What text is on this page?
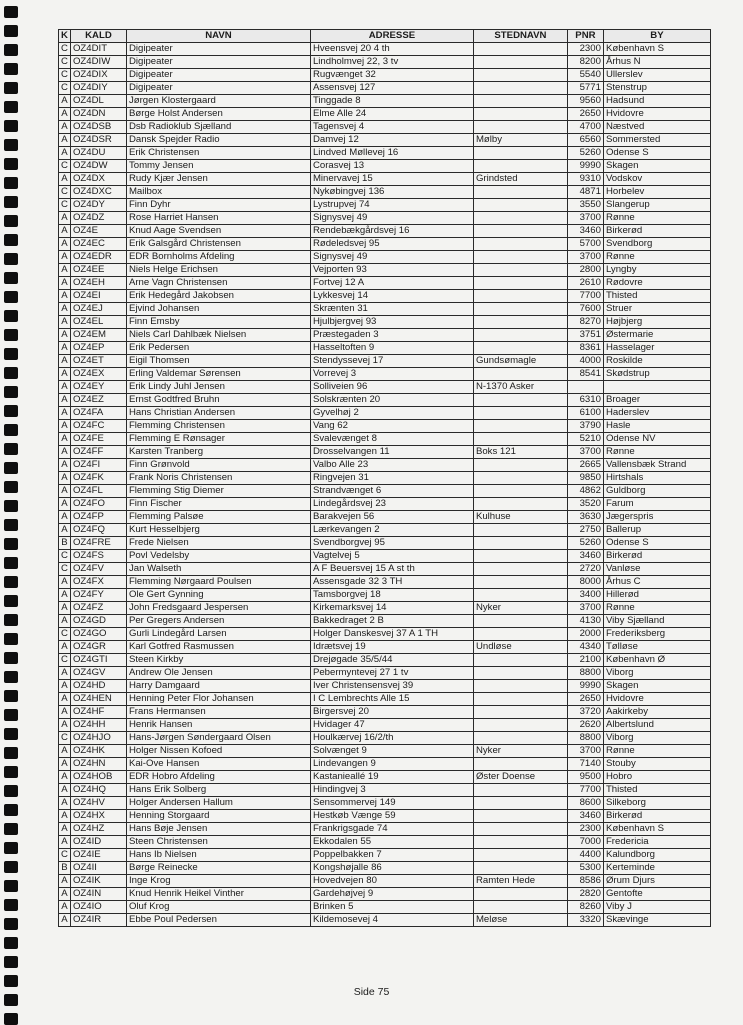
K	KALD	NAVN	ADRESSE	STEDNAVN	PNR	BY
C	OZ4DIT	Digipeater	Hveensvej 20 4 th		2300	København S
C	OZ4DIW	Digipeater	Lindholmvej 22, 3 tv		8200	Århus N
C	OZ4DIX	Digipeater	Rugvænget 32		5540	Ullerslev
C	OZ4DIY	Digipeater	Assensvej 127		5771	Stenstrup
A	OZ4DL	Jørgen Klostergaard	Tinggade 8		9560	Hadsund
A	OZ4DN	Børge Holst Andersen	Elme Alle 24		2650	Hvidovre
A	OZ4DSB	Dsb Radioklub Sjælland	Tagensvej 4		4700	Næstved
A	OZ4DSR	Dansk Spejder Radio	Damvej 12	Mølby	6560	Sommersted
A	OZ4DU	Erik Christensen	Lindved Møllevej 16		5260	Odense S
C	OZ4DW	Tommy Jensen	Corasvej 13		9990	Skagen
A	OZ4DX	Rudy Kjær Jensen	Minervavej 15	Grindsted	9310	Vodskov
C	OZ4DXC	Mailbox	Nykøbingvej 136		4871	Horbelev
C	OZ4DY	Finn Dyhr	Lystrupvej 74		3550	Slangerup
A	OZ4DZ	Rose Harriet Hansen	Signysvej 49		3700	Rønne
A	OZ4E	Knud Aage Svendsen	Rendebækgårdsvej 16		3460	Birkerød
A	OZ4EC	Erik Galsgård Christensen	Rødeledsvej 95		5700	Svendborg
A	OZ4EDR	EDR Bornholms Afdeling	Signysvej 49		3700	Rønne
A	OZ4EE	Niels Helge Erichsen	Vejporten 93		2800	Lyngby
A	OZ4EH	Arne Vagn Christensen	Fortvej 12 A		2610	Rødovre
A	OZ4EI	Erik Hedegård Jakobsen	Lykkesvej 14		7700	Thisted
A	OZ4EJ	Ejvind Johansen	Skrænten 31		7600	Struer
A	OZ4EL	Finn Emsby	Hjulbjergvej 93		8270	Højbjerg
A	OZ4EM	Niels Carl Dahlbæk Nielsen	Præstegaden 3		3751	Østermarie
A	OZ4EP	Erik Pedersen	Hasseltoften 9		8361	Hasselager
A	OZ4ET	Eigil Thomsen	Stendyssevej 17	Gundsømagle	4000	Roskilde
A	OZ4EX	Erling Valdemar Sørensen	Vorrevej 3		8541	Skødstrup
A	OZ4EY	Erik Lindy Juhl Jensen	Solliveien 96	N-1370 Asker		
A	OZ4EZ	Ernst Godtfred Bruhn	Solskrænten 20		6310	Broager
A	OZ4FA	Hans Christian Andersen	Gyvelhøj 2		6100	Haderslev
A	OZ4FC	Flemming Christensen	Vang 62		3790	Hasle
A	OZ4FE	Flemming E Rønsager	Svalevænget 8		5210	Odense NV
A	OZ4FF	Karsten Tranberg	Drosselvangen 11	Boks 121	3700	Rønne
A	OZ4FI	Finn Grønvold	Valbo Alle 23		2665	Vallensbæk Strand
A	OZ4FK	Frank Noris Christensen	Ringvejen 31		9850	Hirtshals
A	OZ4FL	Flemming Stig Diemer	Strandvænget 6		4862	Guldborg
A	OZ4FO	Finn Fischer	Lindegårdsvej 23		3520	Farum
A	OZ4FP	Flemming Palsøe	Barakvejen 56	Kulhuse	3630	Jægerspris
A	OZ4FQ	Kurt Hesselbjerg	Lærkevangen 2		2750	Ballerup
B	OZ4FRE	Frede Nielsen	Svendborgvej 95		5260	Odense S
C	OZ4FS	Povl Vedelsby	Vagtelvej 5		3460	Birkerød
C	OZ4FV	Jan Walseth	A F Beuersvej 15 A st th		2720	Vanløse
A	OZ4FX	Flemming Nørgaard Poulsen	Assensgade 32 3 TH		8000	Århus C
A	OZ4FY	Ole Gert Gynning	Tamsborgvej 18		3400	Hillerød
A	OZ4FZ	John Fredsgaard Jespersen	Kirkemarksvej 14	Nyker	3700	Rønne
A	OZ4GD	Per Gregers Andersen	Bakkedraget 2 B		4130	Viby Sjælland
C	OZ4GO	Gurli Lindegård Larsen	Holger Danskesvej 37 A 1 TH		2000	Frederiksberg
A	OZ4GR	Karl Gotfred Rasmussen	Idrætsvej 19	Undløse	4340	Tølløse
C	OZ4GTI	Steen Kirkby	Drejøgade 35/5/44		2100	København Ø
A	OZ4GV	Andrew Ole Jensen	Pebermyntevej 27 1 tv		8800	Viborg
A	OZ4HD	Harry Damgaard	Iver Christensensvej 39		9990	Skagen
A	OZ4HEN	Henning Peter Flor Johansen	I C Lembrechts Alle 15		2650	Hvidovre
A	OZ4HF	Frans Hermansen	Birgersvej 20		3720	Aakirkeby
A	OZ4HH	Henrik Hansen	Hvidager 47		2620	Albertslund
C	OZ4HJO	Hans-Jørgen Søndergaard Olsen	Houlkærvej 16/2/th		8800	Viborg
A	OZ4HK	Holger Nissen Kofoed	Solvænget 9	Nyker	3700	Rønne
A	OZ4HN	Kai-Ove Hansen	Lindevangen 9		7140	Stouby
A	OZ4HOB	EDR Hobro Afdeling	Kastanieallé 19	Øster Doense	9500	Hobro
A	OZ4HQ	Hans Erik Solberg	Hindingvej 3		7700	Thisted
A	OZ4HV	Holger Andersen Hallum	Sensommervej 149		8600	Silkeborg
A	OZ4HX	Henning Storgaard	Hestkøb Vænge 59		3460	Birkerød
A	OZ4HZ	Hans Bøje Jensen	Frankrigsgade 74		2300	København S
A	OZ4ID	Steen Christensen	Ekkodalen 55		7000	Fredericia
C	OZ4IE	Hans Ib Nielsen	Poppelbakken 7		4400	Kalundborg
B	OZ4II	Børge Reinecke	Kongshøjalle 86		5300	Kerteminde
A	OZ4IK	Inge Krog	Hovedvejen 80	Ramten Hede	8586	Ørum Djurs
A	OZ4IN	Knud Henrik Heikel Vinther	Gardehøjvej 9		2820	Gentofte
A	OZ4IO	Oluf Krog	Brinken 5		8260	Viby J
A	OZ4IR	Ebbe Poul Pedersen	Kildemosevej 4	Meløse	3320	Skævinge
Side 75
